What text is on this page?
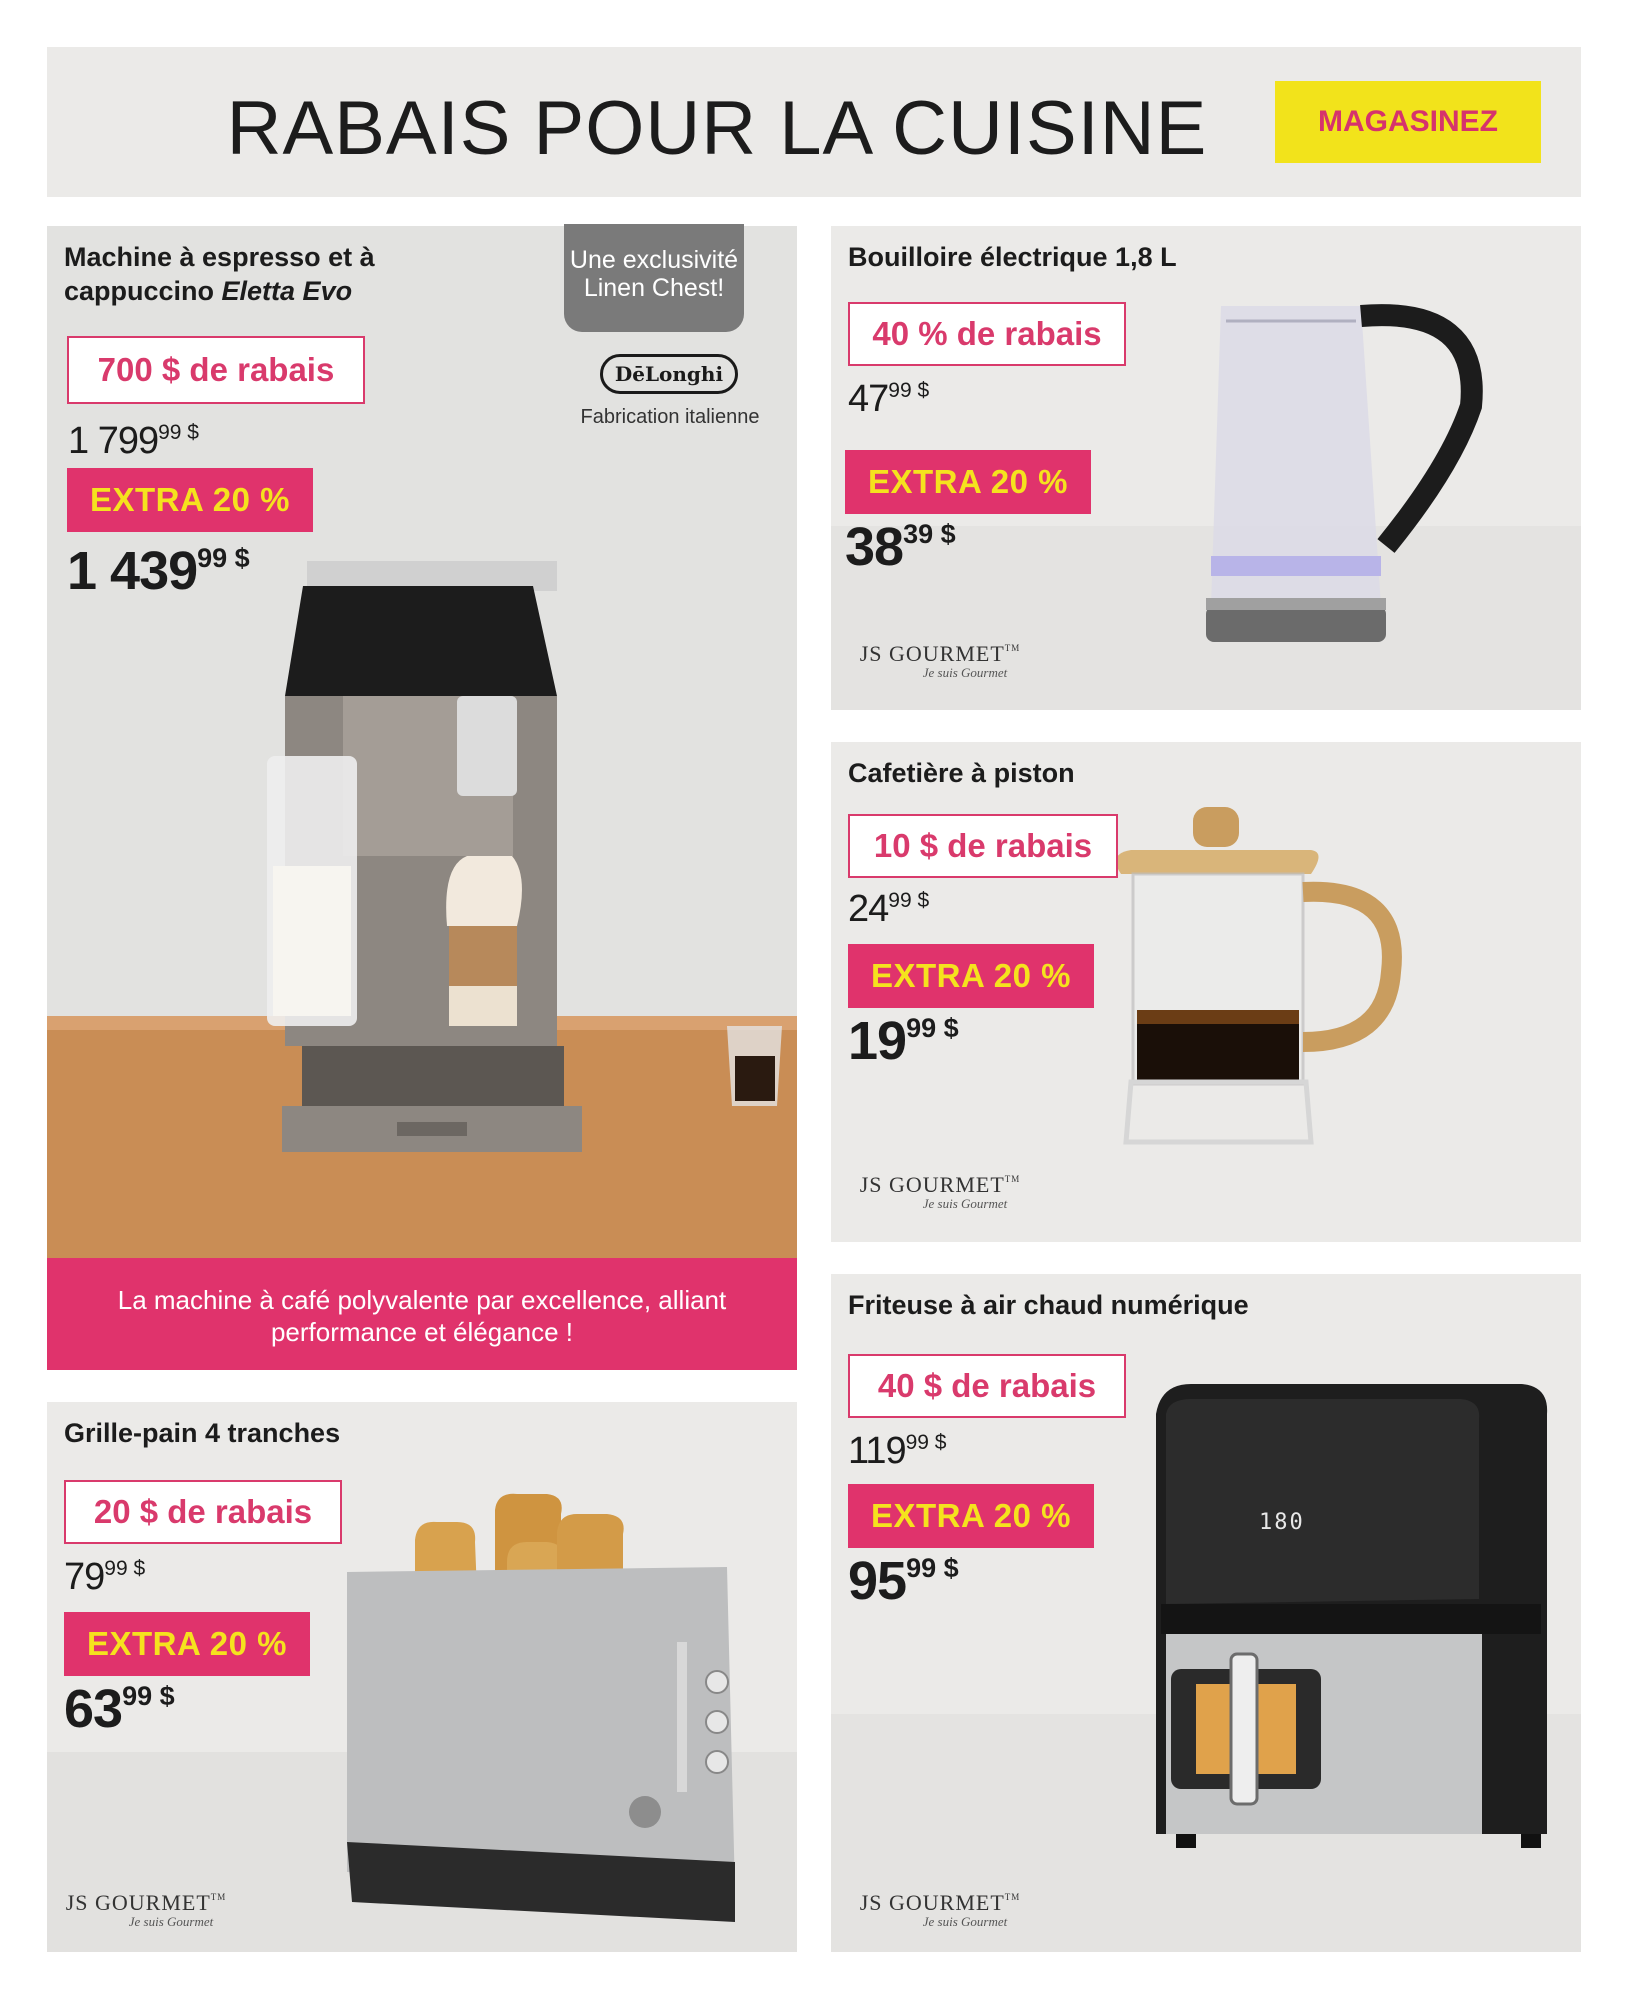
RABAIS POUR LA CUISINE	MAGASINEZ
Machine à espresso et à
cappuccino Eletta Evo
700 $ de rabais
1 $799^{99 \$}$
EXTRA 20 %
1 $439^{99 \$}$
Une exclusivité Linen Chest!
DēLonghi
Fabrication italienne
La machine à café polyvalente par excellence, alliant performance et élégance !
Bouilloire électrique 1,8 L
40 % de rabais
$47^{99 \$}$
EXTRA 20 %
$38^{39 \$}$
JS GOURMET™
Je suis Gourmet
Cafetière à piston
10 $ de rabais
$24^{99 \$}$
EXTRA 20 %
$19^{99 \$}$
JS GOURMET™
Je suis Gourmet
Grille-pain 4 tranches
20 $ de rabais
$79^{99 \$}$
EXTRA 20 %
$63^{99 \$}$
JS GOURMET™
Je suis Gourmet
180
Friteuse à air chaud numérique
40 $ de rabais
$119^{99 \$}$
EXTRA 20 %
$95^{99 \$}$
JS GOURMET™
Je suis Gourmet
